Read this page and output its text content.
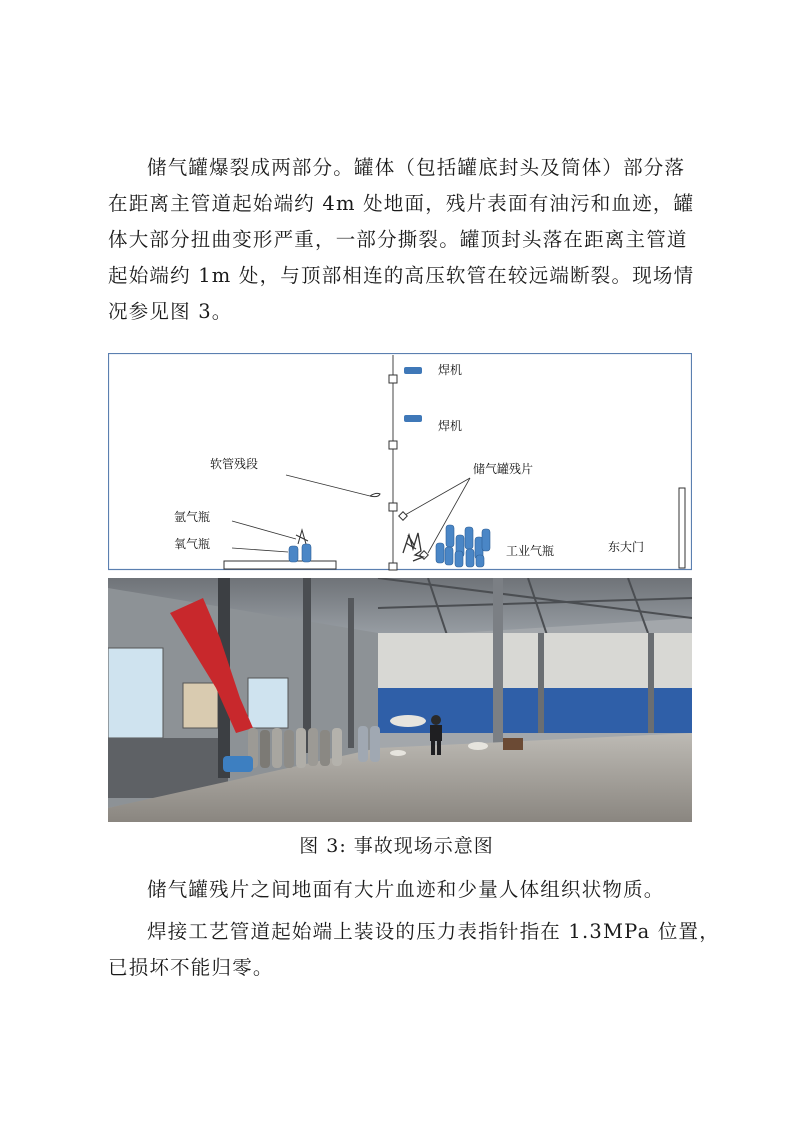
储气罐爆裂成两部分。罐体（包括罐底封头及筒体）部分落
在距离主管道起始端约 4m 处地面，残片表面有油污和血迹，罐
体大部分扭曲变形严重，一部分撕裂。罐顶封头落在距离主管道
起始端约 1m 处，与顶部相连的高压软管在较远端断裂。现场情
况参见图 3。
焊机
焊机
软管残段	储气罐残片
工业气瓶	东大门
氩气瓶
氧气瓶
图 3: 事故现场示意图
储气罐残片之间地面有大片血迹和少量人体组织状物质。
焊接工艺管道起始端上装设的压力表指针指在 1.3MPa 位置，
已损坏不能归零。
